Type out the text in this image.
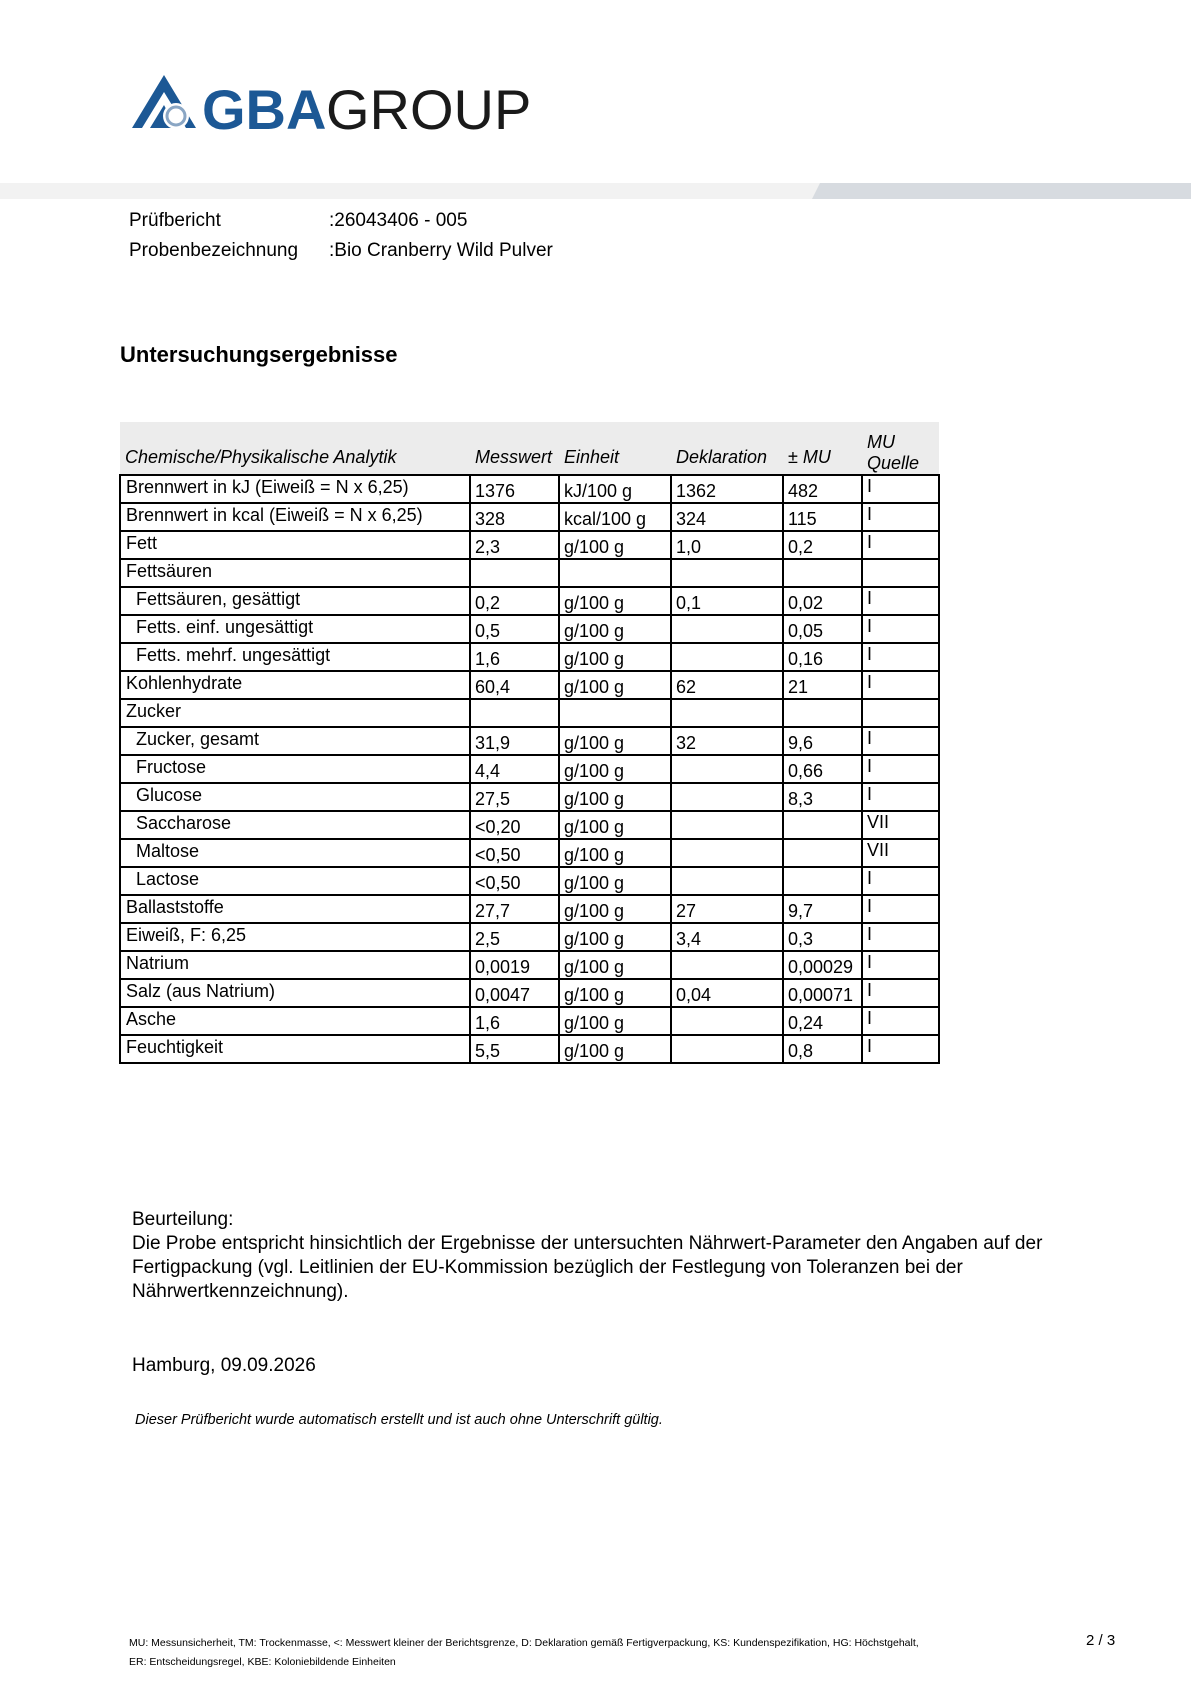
GBA GROUP
Prüfbericht	:26043406 - 005
Probenbezeichnung :Bio Cranberry Wild Pulver
Untersuchungsergebnisse
Chemische/Physikalische Analytik	Messwert	Einheit	Deklaration	± MU	MU Quelle
Brennwert in kJ (Eiweiß = N x 6,25)	1376	kJ/100 g	1362	482	I
Brennwert in kcal (Eiweiß = N x 6,25)	328	kcal/100 g	324	115	I
Fett	2,3	g/100 g	1,0	0,2	I
Fettsäuren					
Fettsäuren, gesättigt	0,2	g/100 g	0,1	0,02	I
Fetts. einf. ungesättigt	0,5	g/100 g		0,05	I
Fetts. mehrf. ungesättigt	1,6	g/100 g		0,16	I
Kohlenhydrate	60,4	g/100 g	62	21	I
Zucker					
Zucker, gesamt	31,9	g/100 g	32	9,6	I
Fructose	4,4	g/100 g		0,66	I
Glucose	27,5	g/100 g		8,3	I
Saccharose	<0,20	g/100 g			VII
Maltose	<0,50	g/100 g			VII
Lactose	<0,50	g/100 g			I
Ballaststoffe	27,7	g/100 g	27	9,7	I
Eiweiß, F: 6,25	2,5	g/100 g	3,4	0,3	I
Natrium	0,0019	g/100 g		0,00029	I
Salz (aus Natrium)	0,0047	g/100 g	0,04	0,00071	I
Asche	1,6	g/100 g		0,24	I
Feuchtigkeit	5,5	g/100 g		0,8	I
Beurteilung:
Die Probe entspricht hinsichtlich der Ergebnisse der untersuchten Nährwert-Parameter den Angaben auf der Fertigpackung (vgl. Leitlinien der EU-Kommission bezüglich der Festlegung von Toleranzen bei der Nährwertkennzeichnung).
Hamburg, 09.09.2026
Dieser Prüfbericht wurde automatisch erstellt und ist auch ohne Unterschrift gültig.
MU: Messunsicherheit, TM: Trockenmasse, <: Messwert kleiner der Berichtsgrenze, D: Deklaration gemäß Fertigverpackung, KS: Kundenspezifikation, HG: Höchstgehalt,
ER: Entscheidungsregel, KBE: Koloniebildende Einheiten
2 / 3
